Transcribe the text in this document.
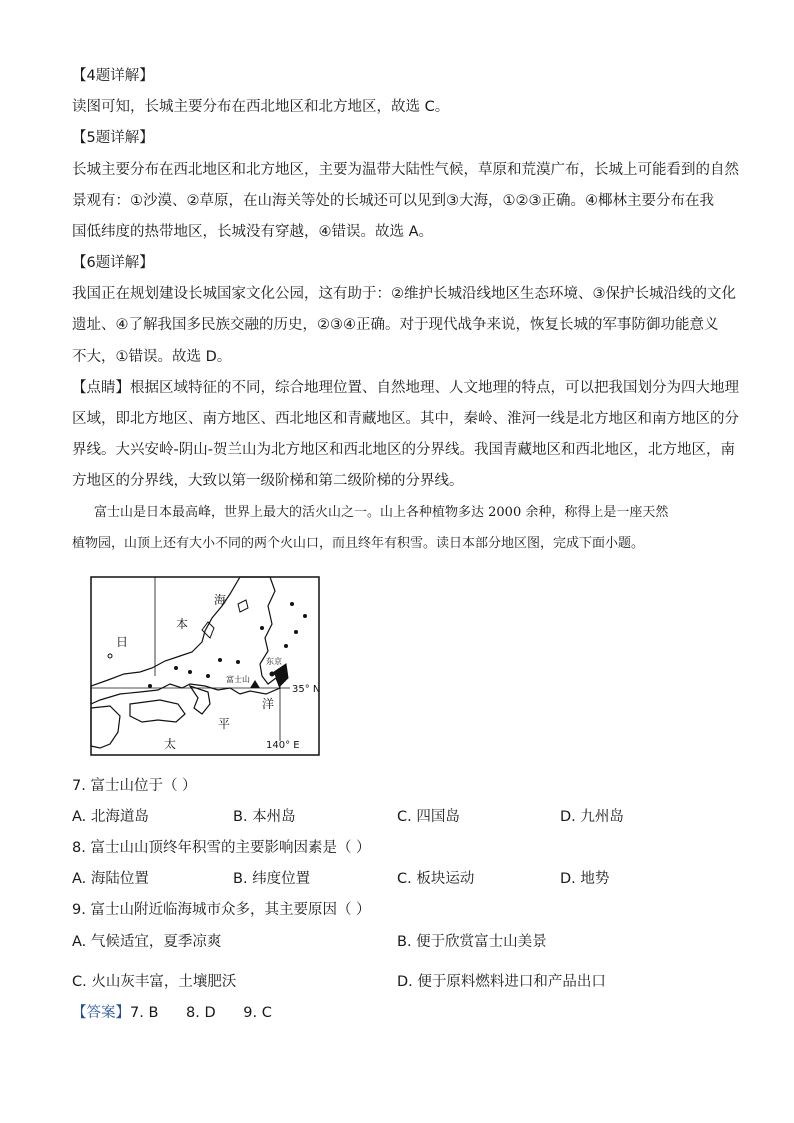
【4题详解】
读图可知，长城主要分布在西北地区和北方地区，故选 C。
【5题详解】
长城主要分布在西北地区和北方地区，主要为温带大陆性气候，草原和荒漠广布，长城上可能看到的自然
景观有：①沙漠、②草原，在山海关等处的长城还可以见到③大海，①②③正确。④椰林主要分布在我
国低纬度的热带地区，长城没有穿越，④错误。故选 A。
【6题详解】
我国正在规划建设长城国家文化公园，这有助于：②维护长城沿线地区生态环境、③保护长城沿线的文化
遗址、④了解我国多民族交融的历史，②③④正确。对于现代战争来说，恢复长城的军事防御功能意义
不大，①错误。故选 D。
【点睛】根据区域特征的不同，综合地理位置、自然地理、人文地理的特点，可以把我国划分为四大地理
区域，即北方地区、南方地区、西北地区和青藏地区。其中，秦岭、淮河一线是北方地区和南方地区的分
界线。大兴安岭-阴山-贺兰山为北方地区和西北地区的分界线。我国青藏地区和西北地区，北方地区，南
方地区的分界线，大致以第一级阶梯和第二级阶梯的分界线。
富士山是日本最高峰，世界上最大的活火山之一。山上各种植物多达 2000 余种，称得上是一座天然
植物园，山顶上还有大小不同的两个火山口，而且终年有积雪。读日本部分地区图，完成下面小题。
海
本
日
洋
平
太
富士山
东京
35° N
140° E
7. 富士山位于（ ）
A. 北海道岛	B. 本州岛	C. 四国岛	D. 九州岛
8. 富士山山顶终年积雪的主要影响因素是（ ）
A. 海陆位置	B. 纬度位置	C. 板块运动	D. 地势
9. 富士山附近临海城市众多，其主要原因（ ）
A. 气候适宜，夏季凉爽	B. 便于欣赏富士山美景
C. 火山灰丰富，土壤肥沃	D. 便于原料燃料进口和产品出口
【答案】7. B      8. D      9. C
